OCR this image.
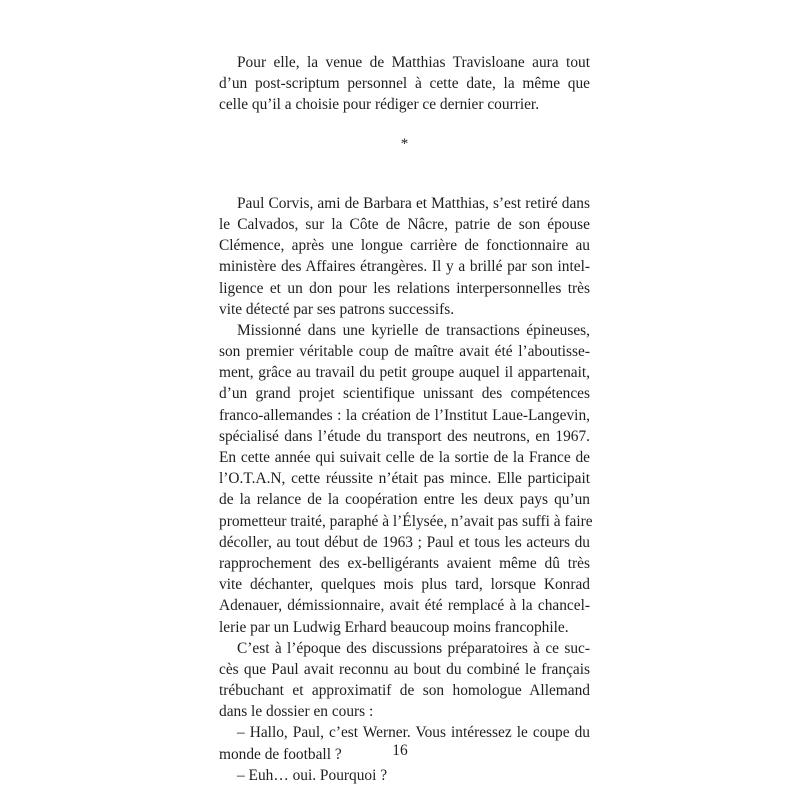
Pour elle, la venue de Matthias Travisloane aura tout
d’un post-scriptum personnel à cette date, la même que
celle qu’il a choisie pour rédiger ce dernier courrier.
*
Paul Corvis, ami de Barbara et Matthias, s’est retiré dans
le Calvados, sur la Côte de Nâcre, patrie de son épouse
Clémence, après une longue carrière de fonctionnaire au
ministère des Affaires étrangères. Il y a brillé par son intel-
ligence et un don pour les relations interpersonnelles très
vite détecté par ses patrons successifs.
Missionné dans une kyrielle de transactions épineuses,
son premier véritable coup de maître avait été l’aboutisse-
ment, grâce au travail du petit groupe auquel il appartenait,
d’un grand projet scientifique unissant des compétences
franco-allemandes : la création de l’Institut Laue-Langevin,
spécialisé dans l’étude du transport des neutrons, en 1967.
En cette année qui suivait celle de la sortie de la France de
l’O.T.A.N, cette réussite n’était pas mince. Elle participait
de la relance de la coopération entre les deux pays qu’un
prometteur traité, paraphé à l’Élysée, n’avait pas suffi à faire
décoller, au tout début de 1963 ; Paul et tous les acteurs du
rapprochement des ex-belligérants avaient même dû très
vite déchanter, quelques mois plus tard, lorsque Konrad
Adenauer, démissionnaire, avait été remplacé à la chancel-
lerie par un Ludwig Erhard beaucoup moins francophile.
C’est à l’époque des discussions préparatoires à ce suc-
cès que Paul avait reconnu au bout du combiné le français
trébuchant et approximatif de son homologue Allemand
dans le dossier en cours :
– Hallo, Paul, c’est Werner. Vous intéressez le coupe du
monde de football ?
– Euh… oui. Pourquoi ?
16
